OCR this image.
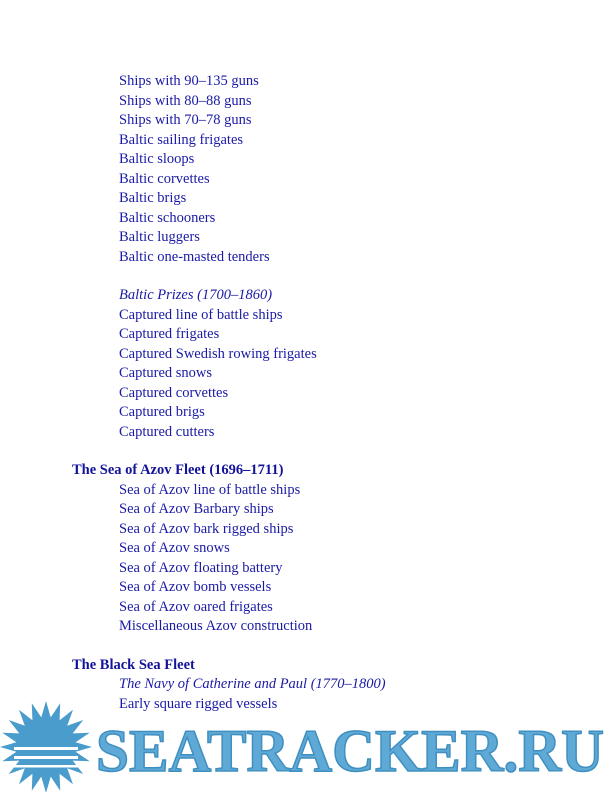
Ships with 90–135 guns
Ships with 80–88 guns
Ships with 70–78 guns
Baltic sailing frigates
Baltic sloops
Baltic corvettes
Baltic brigs
Baltic schooners
Baltic luggers
Baltic one-masted tenders
Baltic Prizes (1700–1860)
Captured line of battle ships
Captured frigates
Captured Swedish rowing frigates
Captured snows
Captured corvettes
Captured brigs
Captured cutters
The Sea of Azov Fleet (1696–1711)
Sea of Azov line of battle ships
Sea of Azov Barbary ships
Sea of Azov bark rigged ships
Sea of Azov snows
Sea of Azov floating battery
Sea of Azov bomb vessels
Sea of Azov oared frigates
Miscellaneous Azov construction
The Black Sea Fleet
The Navy of Catherine and Paul (1770–1800)
Early square rigged vessels
SEATRACKER.RU
